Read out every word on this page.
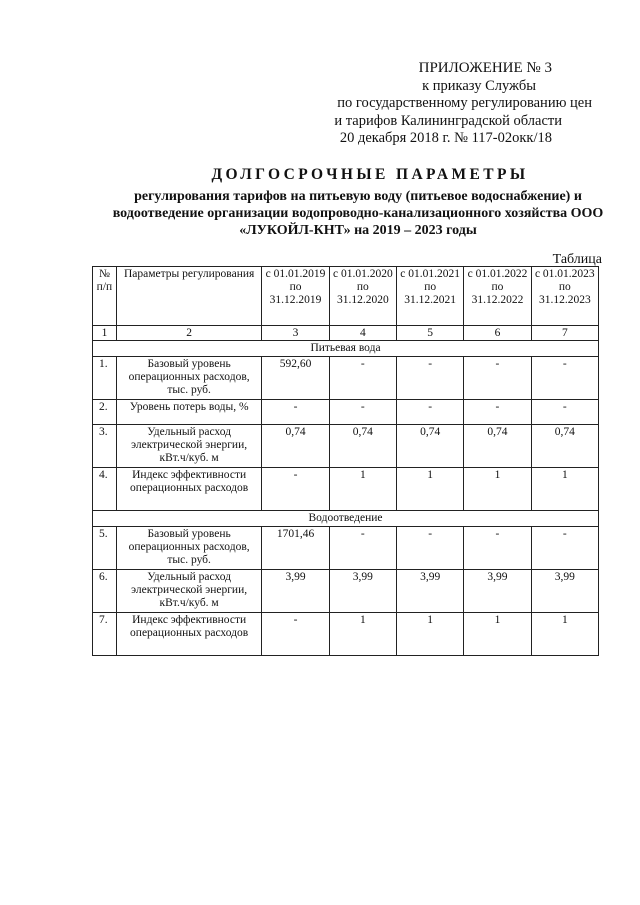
ПРИЛОЖЕНИЕ № 3
к приказу Службы
по государственному регулированию цен
и тарифов Калининградской области
20 декабря 2018 г. № 117-02окк/18
ДОЛГОСРОЧНЫЕ ПАРАМЕТРЫ
регулирования тарифов на питьевую воду (питьевое водоснабжение) и водоотведение организации водопроводно-канализационного хозяйства ООО «ЛУКОЙЛ-КНТ» на 2019 – 2023 годы
Таблица
№ п/п	Параметры регулирования	с 01.01.2019 по 31.12.2019	с 01.01.2020 по 31.12.2020	с 01.01.2021 по 31.12.2021	с 01.01.2022 по 31.12.2022	с 01.01.2023 по 31.12.2023
1	2	3	4	5	6	7
Питьевая вода						
1.	Базовый уровень операционных расходов, тыс. руб.	592,60	-	-	-	-
2.	Уровень потерь воды, %	-	-	-	-	-
3.	Удельный расход электрической энергии, кВт.ч/куб. м	0,74	0,74	0,74	0,74	0,74
4.	Индекс эффективности операционных расходов	-	1	1	1	1
Водоотведение						
5.	Базовый уровень операционных расходов, тыс. руб.	1701,46	-	-	-	-
6.	Удельный расход электрической энергии, кВт.ч/куб. м	3,99	3,99	3,99	3,99	3,99
7.	Индекс эффективности операционных расходов	-	1	1	1	1
